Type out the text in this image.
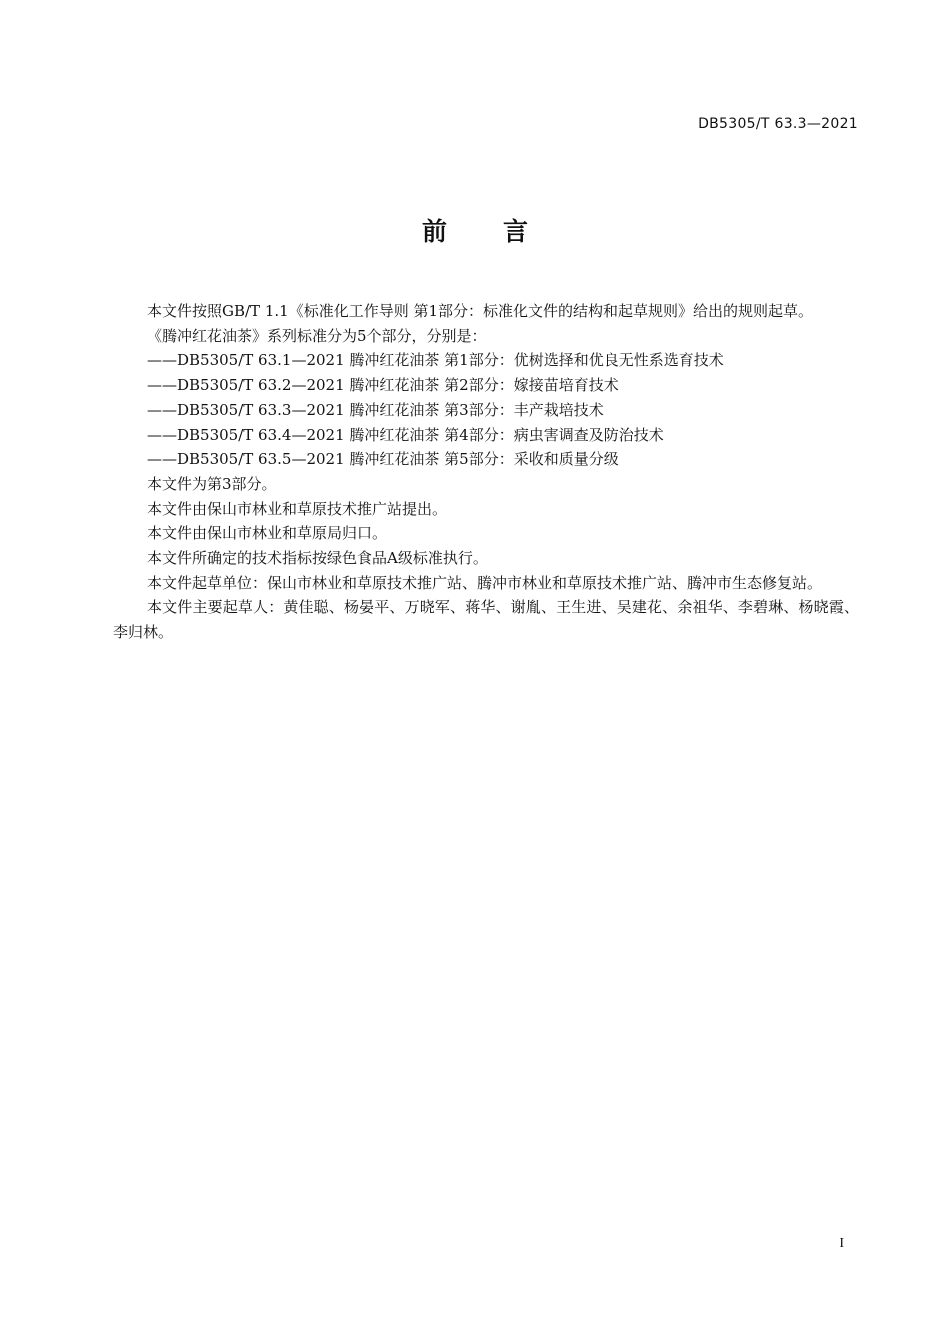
DB5305/T 63.3—2021
前言

本文件按照GB/T 1.1《标准化工作导则 第1部分：标准化文件的结构和起草规则》给出的规则起草。

《腾冲红花油茶》系列标准分为5个部分，分别是：

——DB5305/T 63.1—2021 腾冲红花油茶 第1部分：优树选择和优良无性系选育技术
——DB5305/T 63.2—2021 腾冲红花油茶 第2部分：嫁接苗培育技术
——DB5305/T 63.3—2021 腾冲红花油茶 第3部分：丰产栽培技术
——DB5305/T 63.4—2021 腾冲红花油茶 第4部分：病虫害调查及防治技术
——DB5305/T 63.5—2021 腾冲红花油茶 第5部分：采收和质量分级

本文件为第3部分。

本文件由保山市林业和草原技术推广站提出。

本文件由保山市林业和草原局归口。

本文件所确定的技术指标按绿色食品A级标准执行。

本文件起草单位：保山市林业和草原技术推广站、腾冲市林业和草原技术推广站、腾冲市生态修复站。

本文件主要起草人：黄佳聪、杨晏平、万晓军、蒋华、谢胤、王生进、吴建花、余祖华、李碧琳、杨晓霞、李归林。

I
